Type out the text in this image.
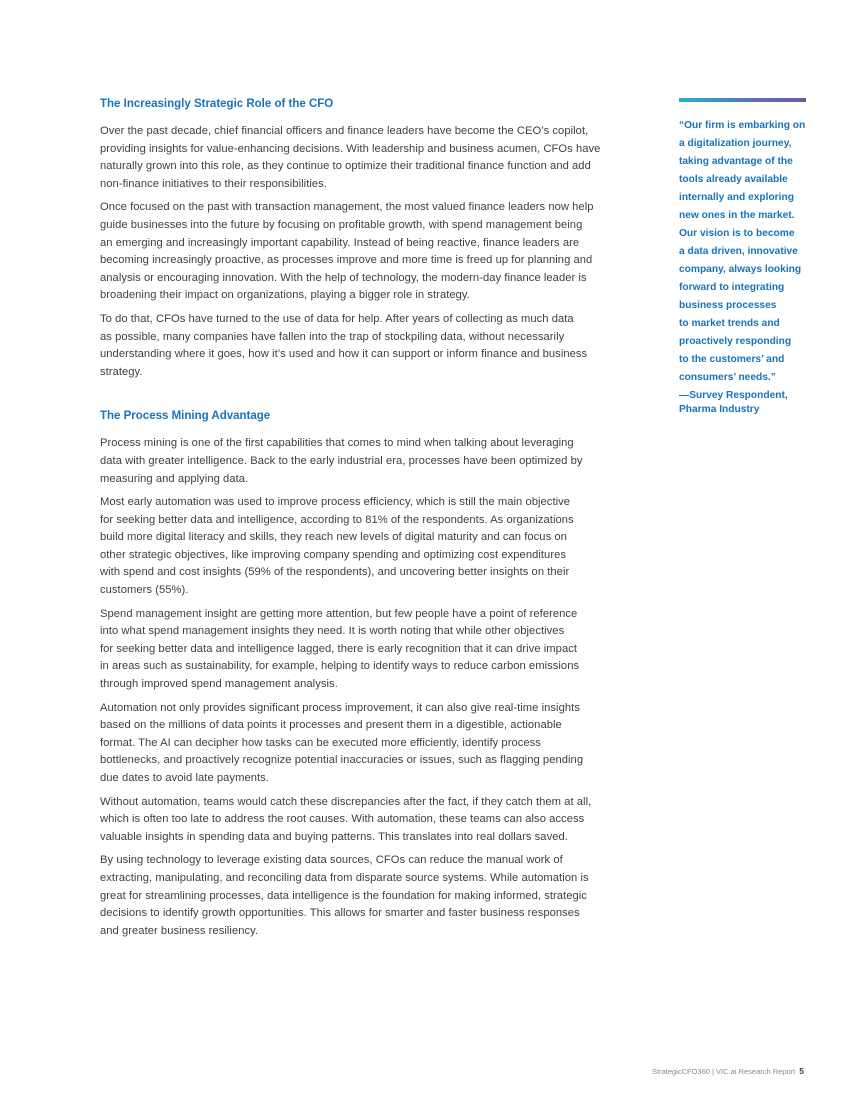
The Increasingly Strategic Role of the CFO

Over the past decade, chief financial officers and finance leaders have become the CEO’s copilot,
providing insights for value-enhancing decisions. With leadership and business acumen, CFOs have
naturally grown into this role, as they continue to optimize their traditional finance function and add
non-finance initiatives to their responsibilities.

Once focused on the past with transaction management, the most valued finance leaders now help
guide businesses into the future by focusing on profitable growth, with spend management being
an emerging and increasingly important capability. Instead of being reactive, finance leaders are
becoming increasingly proactive, as processes improve and more time is freed up for planning and
analysis or encouraging innovation. With the help of technology, the modern-day finance leader is
broadening their impact on organizations, playing a bigger role in strategy.

To do that, CFOs have turned to the use of data for help. After years of collecting as much data
as possible, many companies have fallen into the trap of stockpiling data, without necessarily
understanding where it goes, how it’s used and how it can support or inform finance and business
strategy.

The Process Mining Advantage

Process mining is one of the first capabilities that comes to mind when talking about leveraging
data with greater intelligence. Back to the early industrial era, processes have been optimized by
measuring and applying data.

Most early automation was used to improve process efficiency, which is still the main objective
for seeking better data and intelligence, according to 81% of the respondents. As organizations
build more digital literacy and skills, they reach new levels of digital maturity and can focus on
other strategic objectives, like improving company spending and optimizing cost expenditures
with spend and cost insights (59% of the respondents), and uncovering better insights on their
customers (55%).

Spend management insight are getting more attention, but few people have a point of reference
into what spend management insights they need. It is worth noting that while other objectives
for seeking better data and intelligence lagged, there is early recognition that it can drive impact
in areas such as sustainability, for example, helping to identify ways to reduce carbon emissions
through improved spend management analysis.

Automation not only provides significant process improvement, it can also give real-time insights
based on the millions of data points it processes and present them in a digestible, actionable
format. The AI can decipher how tasks can be executed more efficiently, identify process
bottlenecks, and proactively recognize potential inaccuracies or issues, such as flagging pending
due dates to avoid late payments.

Without automation, teams would catch these discrepancies after the fact, if they catch them at all,
which is often too late to address the root causes. With automation, these teams can also access
valuable insights in spending data and buying patterns. This translates into real dollars saved.

By using technology to leverage existing data sources, CFOs can reduce the manual work of
extracting, manipulating, and reconciling data from disparate source systems. While automation is
great for streamlining processes, data intelligence is the foundation for making informed, strategic
decisions to identify growth opportunities. This allows for smarter and faster business responses
and greater business resiliency.

“Our firm is embarking on
a digitalization journey,
taking advantage of the
tools already available
internally and exploring
new ones in the market.
Our vision is to become
a data driven, innovative
company, always looking
forward to integrating
business processes
to market trends and
proactively responding
to the customers’ and
consumers’ needs.”

—Survey Respondent,
Pharma Industry

StrategicCFO360 | VIC.ai Research Report 5
